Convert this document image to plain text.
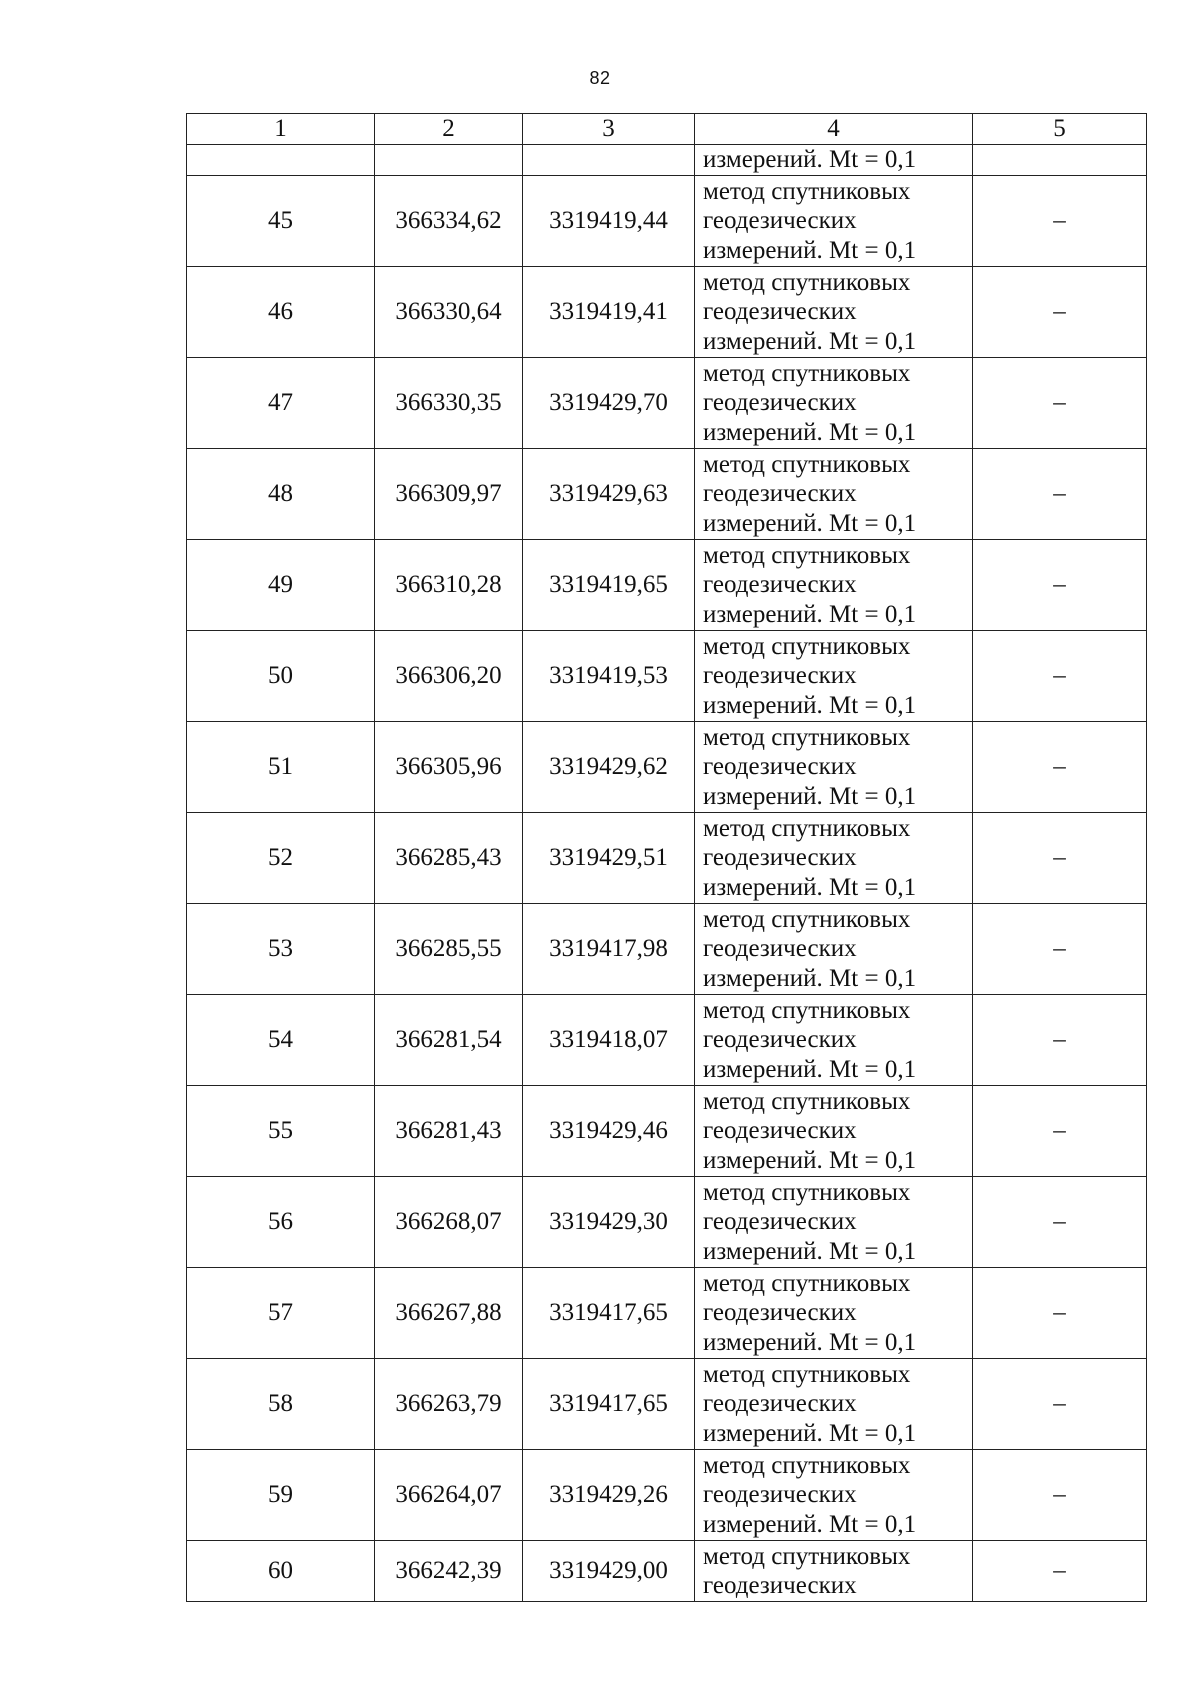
82
1	2	3	4	5
			измерений. Mt = 0,1	
45	366334,62	3319419,44	метод спутниковых
геодезических
измерений. Mt = 0,1	–
46	366330,64	3319419,41	метод спутниковых
геодезических
измерений. Mt = 0,1	–
47	366330,35	3319429,70	метод спутниковых
геодезических
измерений. Mt = 0,1	–
48	366309,97	3319429,63	метод спутниковых
геодезических
измерений. Mt = 0,1	–
49	366310,28	3319419,65	метод спутниковых
геодезических
измерений. Mt = 0,1	–
50	366306,20	3319419,53	метод спутниковых
геодезических
измерений. Mt = 0,1	–
51	366305,96	3319429,62	метод спутниковых
геодезических
измерений. Mt = 0,1	–
52	366285,43	3319429,51	метод спутниковых
геодезических
измерений. Mt = 0,1	–
53	366285,55	3319417,98	метод спутниковых
геодезических
измерений. Mt = 0,1	–
54	366281,54	3319418,07	метод спутниковых
геодезических
измерений. Mt = 0,1	–
55	366281,43	3319429,46	метод спутниковых
геодезических
измерений. Mt = 0,1	–
56	366268,07	3319429,30	метод спутниковых
геодезических
измерений. Mt = 0,1	–
57	366267,88	3319417,65	метод спутниковых
геодезических
измерений. Mt = 0,1	–
58	366263,79	3319417,65	метод спутниковых
геодезических
измерений. Mt = 0,1	–
59	366264,07	3319429,26	метод спутниковых
геодезических
измерений. Mt = 0,1	–
60	366242,39	3319429,00	метод спутниковых
геодезических	–
